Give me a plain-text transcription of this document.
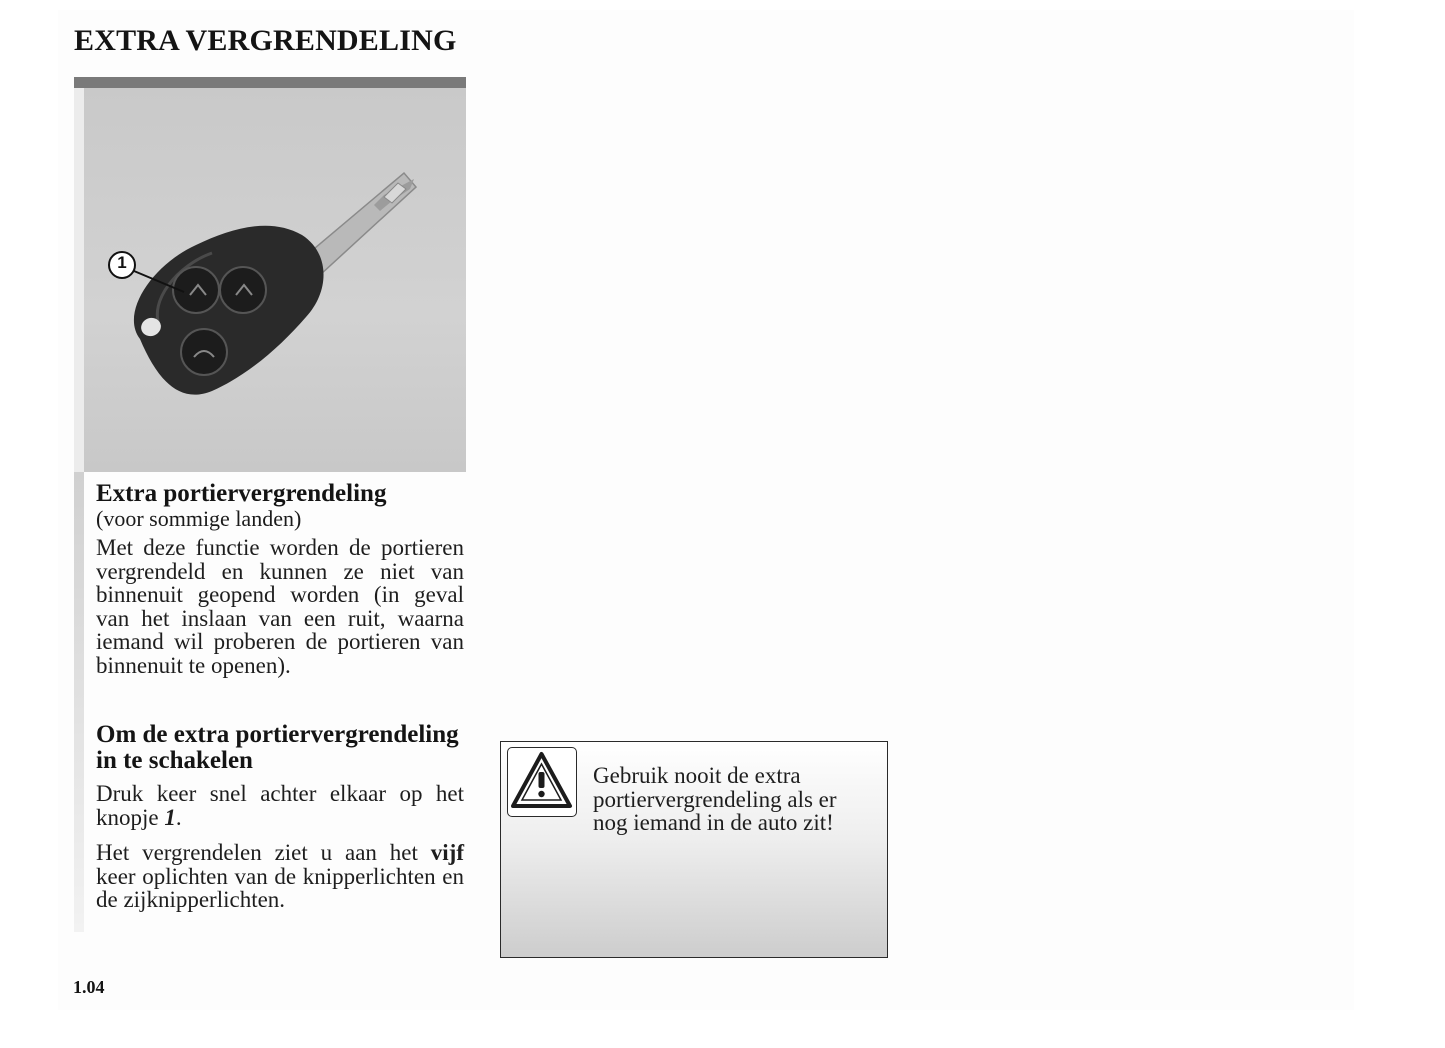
EXTRA VERGRENDELING
1
Extra portiervergrendeling

(voor sommige landen)

Met deze functie worden de portieren vergrendeld en kunnen ze niet van binnenuit geopend worden (in geval van het inslaan van een ruit, waarna iemand wil proberen de portieren van binnenuit te openen).

Om de extra portiervergrendeling in te schakelen

Druk keer snel achter elkaar op het knopje 1.

Het vergrendelen ziet u aan het vijf keer oplichten van de knipperlichten en de zijknipperlichten.

Gebruik nooit de extra portiervergrendeling als er nog iemand in de auto zit!

1.04
